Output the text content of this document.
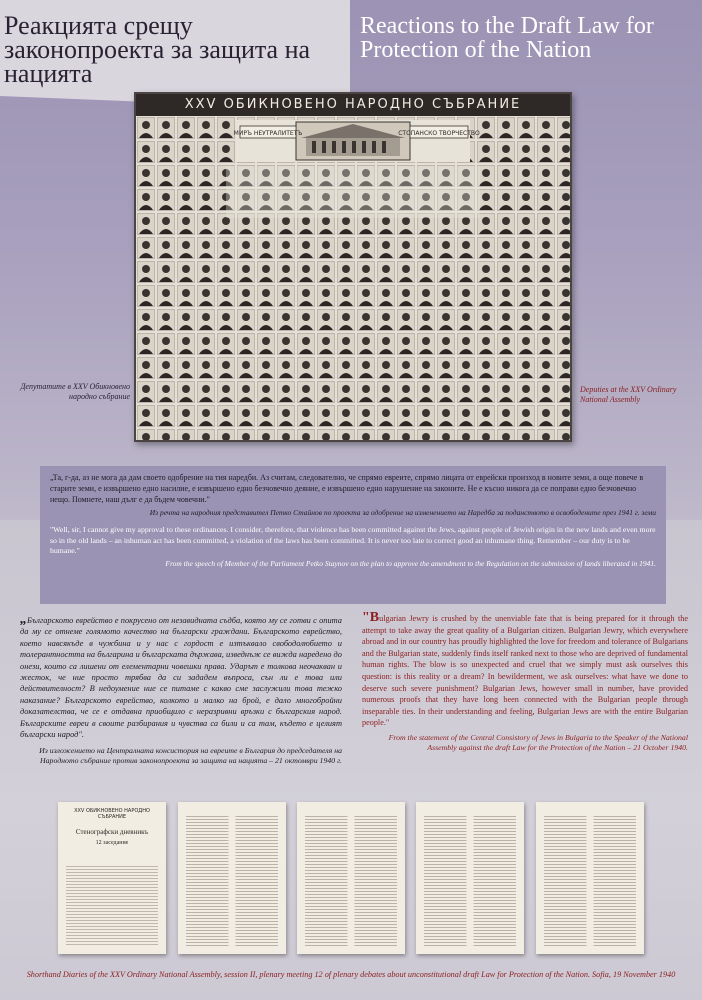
Реакцията срещу законопроекта за защита на нацията
Reactions to the Draft Law for Protection of the Nation
XXV ОБИКНОВЕНО НАРОДНО СЪБРАНИЕ
МИРЪ НЕУТРАЛИТЕТЪ	СТОПАНСКО ТВОРЧЕСТВО
Депутатите в XXV Обикновено народно събрание
Deputies at the XXV Ordinary National Assembly
„Та, г-да, аз не мога да дам своето одобрение на тия наредби. Аз считам, следователно, че спрямо евреите, спрямо лицата от еврейски произход в новите земи, а още повече в старите земи, е извършено едно насилие, е извършено едно безчовечно деяние, е извършено едно нарушение на законите. Не е късно никога да се поправи едно безчовечно нещо. Помнете, наш дълг е да бъдем човечни."
Из речта на народния представител Петко Стайнов по проекта за одобрение на изменението на Наредба за поданството в освободените през 1941 г. земи
"Well, sir, I cannot give my approval to these ordinances. I consider, therefore, that violence has been committed against the Jews, against people of Jewish origin in the new lands and even more so in the old lands – an inhuman act has been committed, a violation of the laws has been committed. It is never too late to correct good an inhumane thing. Remember – our duty is to be humane."
From the speech of Member of the Parliament Petko Staynov on the plan to approve the amendment to the Regulation on the submission of lands liberated in 1941.
„Българското еврейство е покрусено от незавидната съдба, която му се готви с опита да му се отнеме голямото качество на български граждани. Българското еврейство, което навсякъде в чужбина и у нас с гордост е изтъквало свободолюбието и толерантността на българина и българската държава, изведнъж се вижда наредено до онези, които са лишени от елементарни човешки права. Ударът е толкова неочакван и жесток, че ние просто трябва да си зададем въпроса, сън ли е това или действителност? В недоумение ние се питаме с какво сме заслужили това тежко наказание? Българското еврейство, колкото и малко на брой, е дало многобройни доказателства, че се е отдавна приобщило с неразривни връзки с българския народ. Българските евреи в своите разбирания и чувства са били и са там, където е целият български народ".
Из изложението на Централната консистория на евреите в България до председателя на Народното събрание против законопроекта за защита на нацията – 21 октомври 1940 г.
"Bulgarian Jewry is crushed by the unenviable fate that is being prepared for it through the attempt to take away the great quality of a Bulgarian citizen. Bulgarian Jewry, which everywhere abroad and in our country has proudly highlighted the love for freedom and tolerance of Bulgarians and the Bulgarian state, suddenly finds itself ranked next to those who are deprived of fundamental human rights. The blow is so unexpected and cruel that we simply must ask ourselves this question: is this reality or a dream? In bewilderment, we ask ourselves: what have we done to deserve such severe punishment? Bulgarian Jews, however small in number, have provided numerous proofs that they have long been connected with the Bulgarian people through inseparable ties. In their understanding and feeling, Bulgarian Jews are with the entire Bulgarian people."
From the statement of the Central Consistory of Jews in Bulgaria to the Speaker of the National Assembly against the draft Law for the Protection of the Nation – 21 October 1940.
XXV ОБИКНОВЕНО НАРОДНО СЪБРАНИЕ
Стенографски дневникъ
12 заседание
Shorthand Diaries of the XXV Ordinary National Assembly, session II, plenary meeting 12 of plenary debates about unconstitutional draft Law for Protection of the Nation. Sofia, 19 November 1940
